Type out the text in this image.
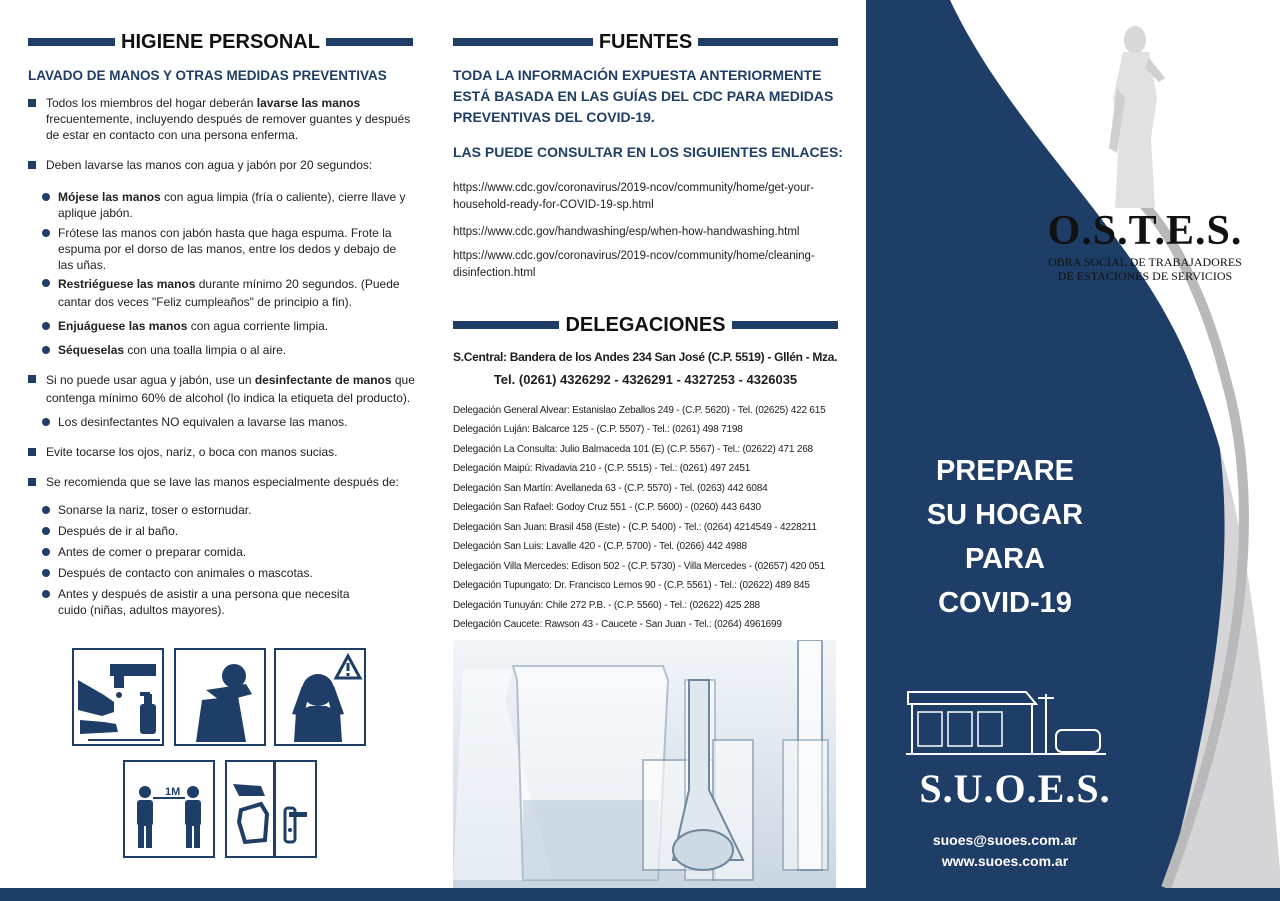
HIGIENE PERSONAL
LAVADO DE MANOS Y OTRAS MEDIDAS PREVENTIVAS
Todos los miembros del hogar deberán lavarse las manos frecuentemente, incluyendo después de remover guantes y después de estar en contacto con una persona enferma.
Deben lavarse las manos con agua y jabón por 20 segundos:
Mójese las manos con agua limpia (fría o caliente), cierre llave y aplique jabón.
Frótese las manos con jabón hasta que haga espuma. Frote la espuma por el dorso de las manos, entre los dedos y debajo de las uñas.
Restriéguese las manos durante mínimo 20 segundos. (Puede cantar dos veces "Feliz cumpleaños" de principio a fin).
Enjuáguese las manos con agua corriente limpia.
Séqueselas con una toalla limpia o al aire.
Si no puede usar agua y jabón, use un desinfectante de manos que contenga mínimo 60% de alcohol (lo indica la etiqueta del producto).
Los desinfectantes NO equivalen a lavarse las manos.
Evite tocarse los ojos, nariz, o boca con manos sucias.
Se recomienda que se lave las manos especialmente después de:
Sonarse la nariz, toser o estornudar.
Después de ir al baño.
Antes de comer o preparar comida.
Después de contacto con animales o mascotas.
Antes y después de asistir a una persona que necesita cuido (niñas, adultos mayores).
1M
FUENTES
TODA LA INFORMACIÓN EXPUESTA ANTERIORMENTE ESTÁ BASADA EN LAS GUÍAS DEL CDC PARA MEDIDAS PREVENTIVAS DEL COVID-19.
LAS PUEDE CONSULTAR EN LOS SIGUIENTES ENLACES:
https://www.cdc.gov/coronavirus/2019-ncov/community/home/get-your-household-ready-for-COVID-19-sp.html
https://www.cdc.gov/handwashing/esp/when-how-handwashing.html
https://www.cdc.gov/coronavirus/2019-ncov/community/home/cleaning-disinfection.html
DELEGACIONES
S.Central: Bandera de los Andes 234 San José (C.P. 5519) - Gllén - Mza.
Tel. (0261) 4326292 - 4326291 - 4327253 - 4326035
Delegación General Alvear: Estanislao Zeballos 249 - (C.P. 5620) - Tel. (02625) 422 615
Delegación Luján: Balcarce 125 - (C.P. 5507) - Tel.: (0261) 498 7198
Delegación La Consulta: Julio Balmaceda 101 (E) (C.P. 5567) - Tel.: (02622) 471 268
Delegación Maipú: Rivadavia 210 - (C.P. 5515) - Tel.: (0261) 497 2451
Delegación San Martín: Avellaneda 63 - (C.P. 5570) - Tel. (0263) 442 6084
Delegación San Rafael: Godoy Cruz 551 - (C.P. 5600) - (0260) 443 6430
Delegación San Juan: Brasil 458 (Este) - (C.P. 5400) - Tel.: (0264) 4214549 - 4228211
Delegación San Luis: Lavalle 420 - (C.P. 5700) - Tel. (0266) 442 4988
Delegación Villa Mercedes: Edison 502 - (C.P. 5730) - Villa Mercedes - (02657) 420 051
Delegación Tupungato: Dr. Francisco Lemos 90 - (C.P. 5561) - Tel.: (02622) 489 845
Delegación Tunuyán: Chile 272 P.B. - (C.P. 5560) - Tel.: (02622) 425 288
Delegación Caucete: Rawson 43 - Caucete - San Juan - Tel.: (0264) 4961699
O.S.T.E.S.
OBRA SOCIAL DE TRABAJADORES
DE ESTACIONES DE SERVICIOS
PREPARE
SU HOGAR
PARA
COVID-19
S.U.O.E.S.
suoes@suoes.com.ar
www.suoes.com.ar
